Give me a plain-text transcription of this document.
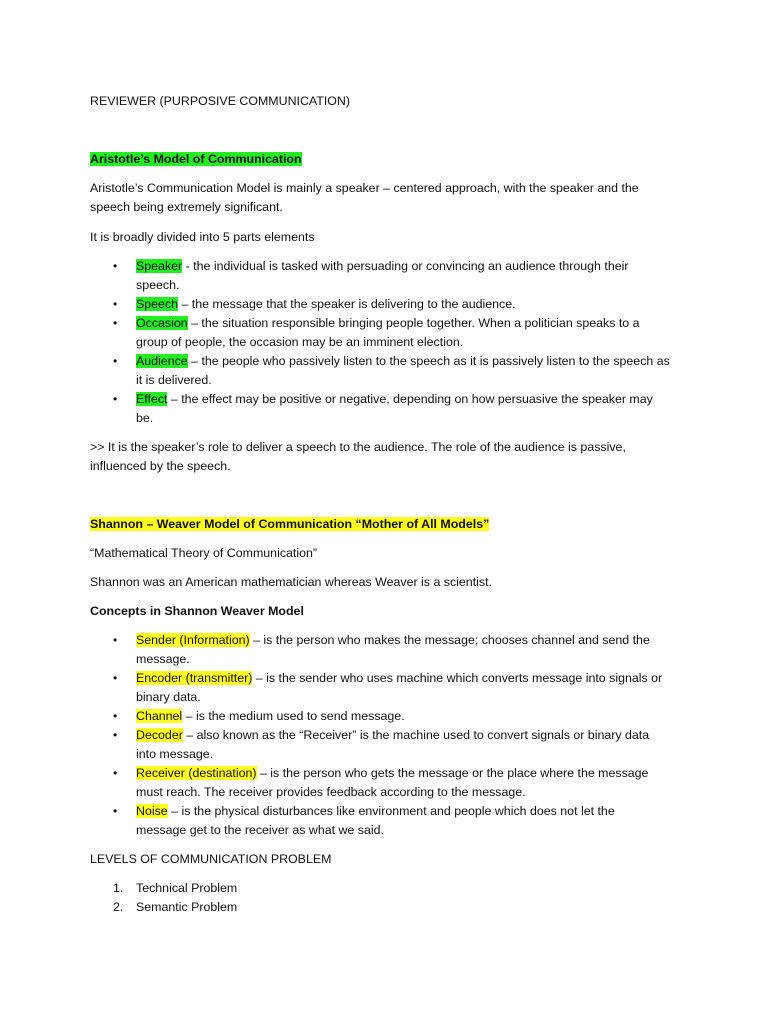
REVIEWER (PURPOSIVE COMMUNICATION)
Aristotle’s Model of Communication
Aristotle’s Communication Model is mainly a speaker – centered approach, with the speaker and the
speech being extremely significant.
It is broadly divided into 5 parts elements
• Speaker - the individual is tasked with persuading or convincing an audience through their
speech.
• Speech – the message that the speaker is delivering to the audience.
• Occasion – the situation responsible bringing people together. When a politician speaks to a
group of people, the occasion may be an imminent election.
• Audience – the people who passively listen to the speech as it is passively listen to the speech as
it is delivered.
• Effect – the effect may be positive or negative, depending on how persuasive the speaker may
be.
>> It is the speaker’s role to deliver a speech to the audience. The role of the audience is passive,
influenced by the speech.
Shannon – Weaver Model of Communication “Mother of All Models”
“Mathematical Theory of Communication”
Shannon was an American mathematician whereas Weaver is a scientist.
Concepts in Shannon Weaver Model
• Sender (Information) – is the person who makes the message; chooses channel and send the
message.
• Encoder (transmitter) – is the sender who uses machine which converts message into signals or
binary data.
• Channel – is the medium used to send message.
• Decoder – also known as the “Receiver” is the machine used to convert signals or binary data
into message.
• Receiver (destination) – is the person who gets the message or the place where the message
must reach. The receiver provides feedback according to the message.
• Noise – is the physical disturbances like environment and people which does not let the
message get to the receiver as what we said.
LEVELS OF COMMUNICATION PROBLEM
1. Technical Problem
2. Semantic Problem
